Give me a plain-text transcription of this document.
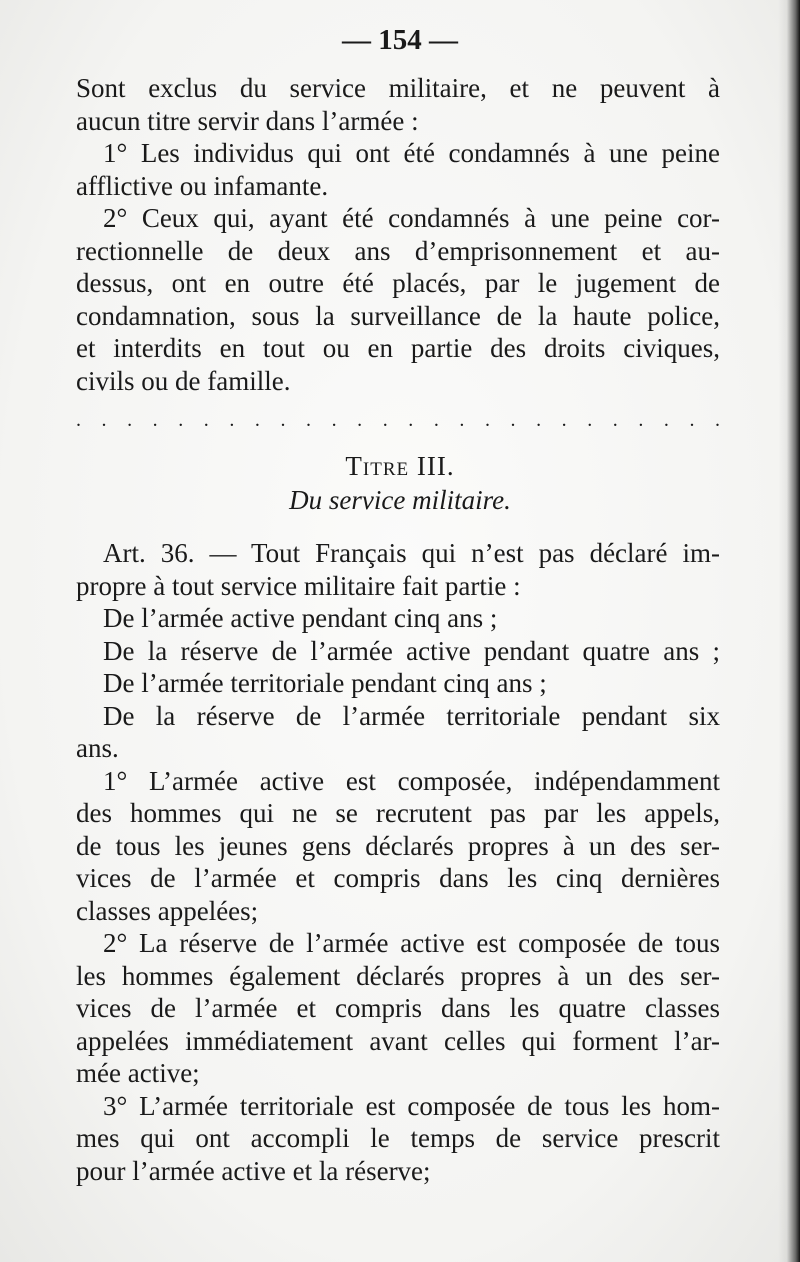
— 154 —
Sont exclus du service militaire, et ne peuvent à
aucun titre servir dans l’armée :
1° Les individus qui ont été condamnés à une peine
afflictive ou infamante.
2° Ceux qui, ayant été condamnés à une peine cor-
rectionnelle de deux ans d’emprisonnement et au-
dessus, ont en outre été placés, par le jugement de
condamnation, sous la surveillance de la haute police,
et interdits en tout ou en partie des droits civiques,
civils ou de famille.
. . . . . . . . . . . . . . . . . . . . . . . . . .
Titre III.
Du service militaire.
Art. 36. — Tout Français qui n’est pas déclaré im-
propre à tout service militaire fait partie :
De l’armée active pendant cinq ans ;
De la réserve de l’armée active pendant quatre ans ;
De l’armée territoriale pendant cinq ans ;
De la réserve de l’armée territoriale pendant six
ans.
1° L’armée active est composée, indépendamment
des hommes qui ne se recrutent pas par les appels,
de tous les jeunes gens déclarés propres à un des ser-
vices de l’armée et compris dans les cinq dernières
classes appelées;
2° La réserve de l’armée active est composée de tous
les hommes également déclarés propres à un des ser-
vices de l’armée et compris dans les quatre classes
appelées immédiatement avant celles qui forment l’ar-
mée active;
3° L’armée territoriale est composée de tous les hom-
mes qui ont accompli le temps de service prescrit
pour l’armée active et la réserve;
